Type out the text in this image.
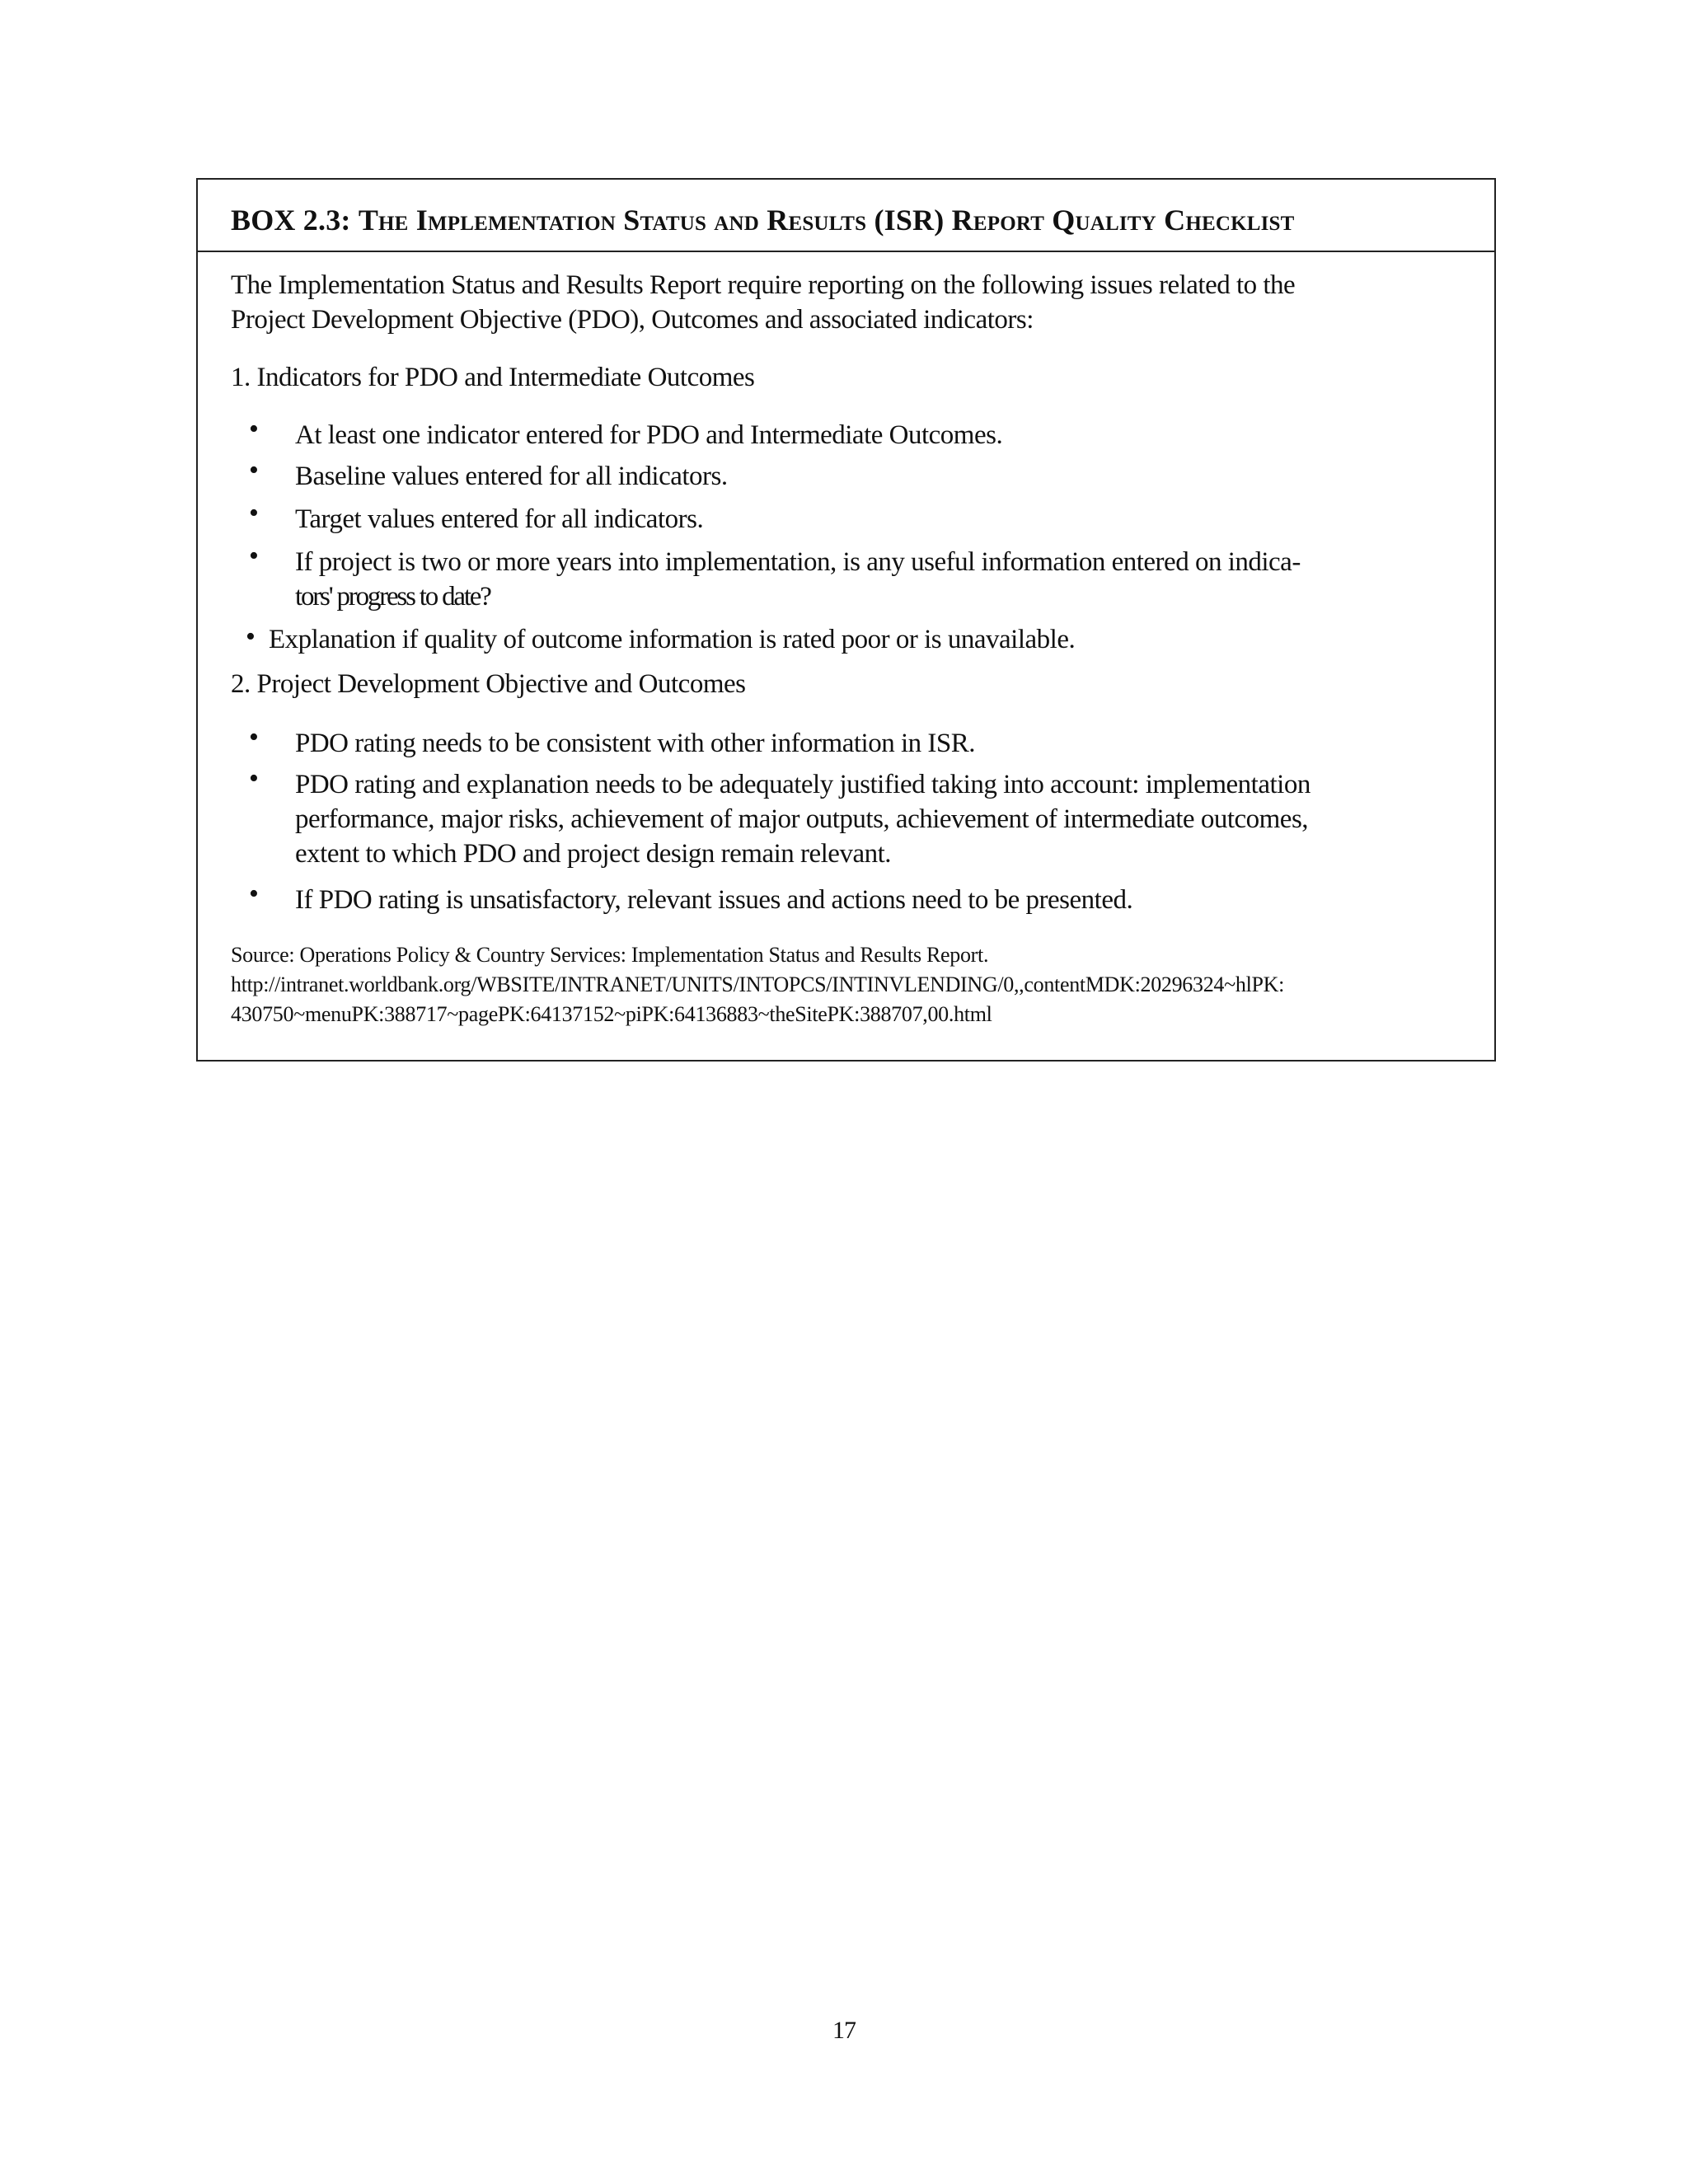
BOX 2.3: The Implementation Status and Results (ISR) Report Quality Checklist
The Implementation Status and Results Report require reporting on the following issues related to the
Project Development Objective (PDO), Outcomes and associated indicators:
1. Indicators for PDO and Intermediate Outcomes
• At least one indicator entered for PDO and Intermediate Outcomes.
• Baseline values entered for all indicators.
• Target values entered for all indicators.
• If project is two or more years into implementation, is any useful information entered on indica-
tors' progress to date?
• Explanation if quality of outcome information is rated poor or is unavailable.
2. Project Development Objective and Outcomes
• PDO rating needs to be consistent with other information in ISR.
• PDO rating and explanation needs to be adequately justified taking into account: implementation
performance, major risks, achievement of major outputs, achievement of intermediate outcomes,
extent to which PDO and project design remain relevant.
• If PDO rating is unsatisfactory, relevant issues and actions need to be presented.
Source: Operations Policy & Country Services: Implementation Status and Results Report.
http://intranet.worldbank.org/WBSITE/INTRANET/UNITS/INTOPCS/INTINVLENDING/0,,contentMDK:20296324~hlPK:
430750~menuPK:388717~pagePK:64137152~piPK:64136883~theSitePK:388707,00.html
17
